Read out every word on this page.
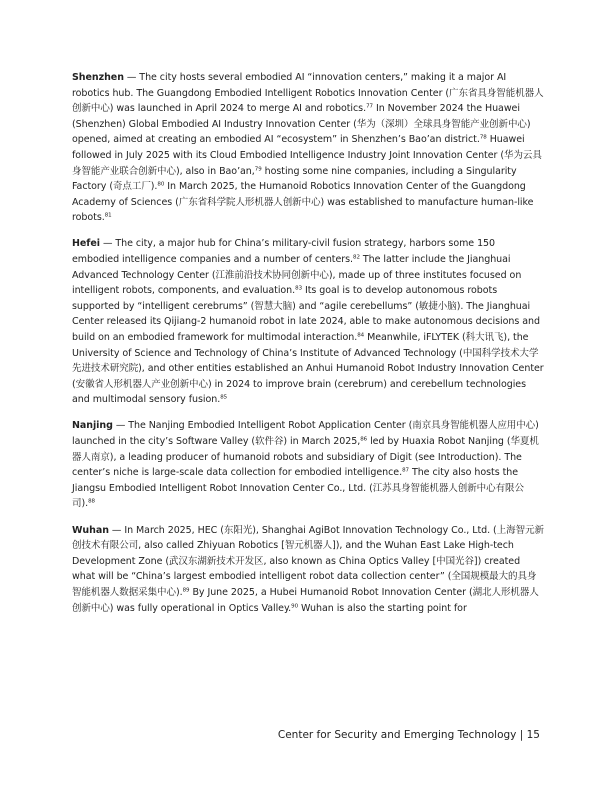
Shenzhen — The city hosts several embodied AI “innovation centers,” making it a major AI robotics hub. The Guangdong Embodied Intelligent Robotics Innovation Center (广东省具身智能机器人创新中心) was launched in April 2024 to merge AI and robotics.$^{77}$ In November 2024 the Huawei (Shenzhen) Global Embodied AI Industry Innovation Center (华为（深圳）全球具身智能产业创新中心) opened, aimed at creating an embodied AI “ecosystem” in Shenzhen’s Bao’an district.$^{78}$ Huawei followed in July 2025 with its Cloud Embodied Intelligence Industry Joint Innovation Center (华为云具身智能产业联合创新中心), also in Bao’an,$^{79}$ hosting some nine companies, including a Singularity Factory (奇点工厂).$^{80}$ In March 2025, the Humanoid Robotics Innovation Center of the Guangdong Academy of Sciences (广东省科学院人形机器人创新中心) was established to manufacture human-like robots.$^{81}$

Hefei — The city, a major hub for China’s military-civil fusion strategy, harbors some 150 embodied intelligence companies and a number of centers.$^{82}$ The latter include the Jianghuai Advanced Technology Center (江淮前沿技术协同创新中心), made up of three institutes focused on intelligent robots, components, and evaluation.$^{83}$ Its goal is to develop autonomous robots supported by “intelligent cerebrums” (智慧大脑) and “agile cerebellums” (敏捷小脑). The Jianghuai Center released its Qijiang-2 humanoid robot in late 2024, able to make autonomous decisions and build on an embodied framework for multimodal interaction.$^{84}$ Meanwhile, iFLYTEK (科大讯飞), the University of Science and Technology of China’s Institute of Advanced Technology (中国科学技术大学先进技术研究院), and other entities established an Anhui Humanoid Robot Industry Innovation Center (安徽省人形机器人产业创新中心) in 2024 to improve brain (cerebrum) and cerebellum technologies and multimodal sensory fusion.$^{85}$

Nanjing — The Nanjing Embodied Intelligent Robot Application Center (南京具身智能机器人应用中心) launched in the city’s Software Valley (软件谷) in March 2025,86 led by Huaxia Robot Nanjing (华夏机器人南京), a leading producer of humanoid robots and subsidiary of Digit (see Introduction). The center’s niche is large-scale data collection for embodied intelligence.$^{87}$ The city also hosts the Jiangsu Embodied Intelligent Robot Innovation Center Co., Ltd. (江苏具身智能机器人创新中心有限公司).$^{88}$

Wuhan — In March 2025, HEC (东阳光), Shanghai AgiBot Innovation Technology Co., Ltd. (上海智元新创技术有限公司, also called Zhiyuan Robotics [智元机器人]), and the Wuhan East Lake High-tech Development Zone (武汉东湖新技术开发区, also known as China Optics Valley [中国光谷]) created what will be “China’s largest embodied intelligent robot data collection center” (全国规模最大的具身智能机器人数据采集中心).$^{89}$ By June 2025, a Hubei Humanoid Robot Innovation Center (湖北人形机器人创新中心) was fully operational in Optics Valley.$^{90}$ Wuhan is also the starting point for

Center for Security and Emerging Technology | 15
